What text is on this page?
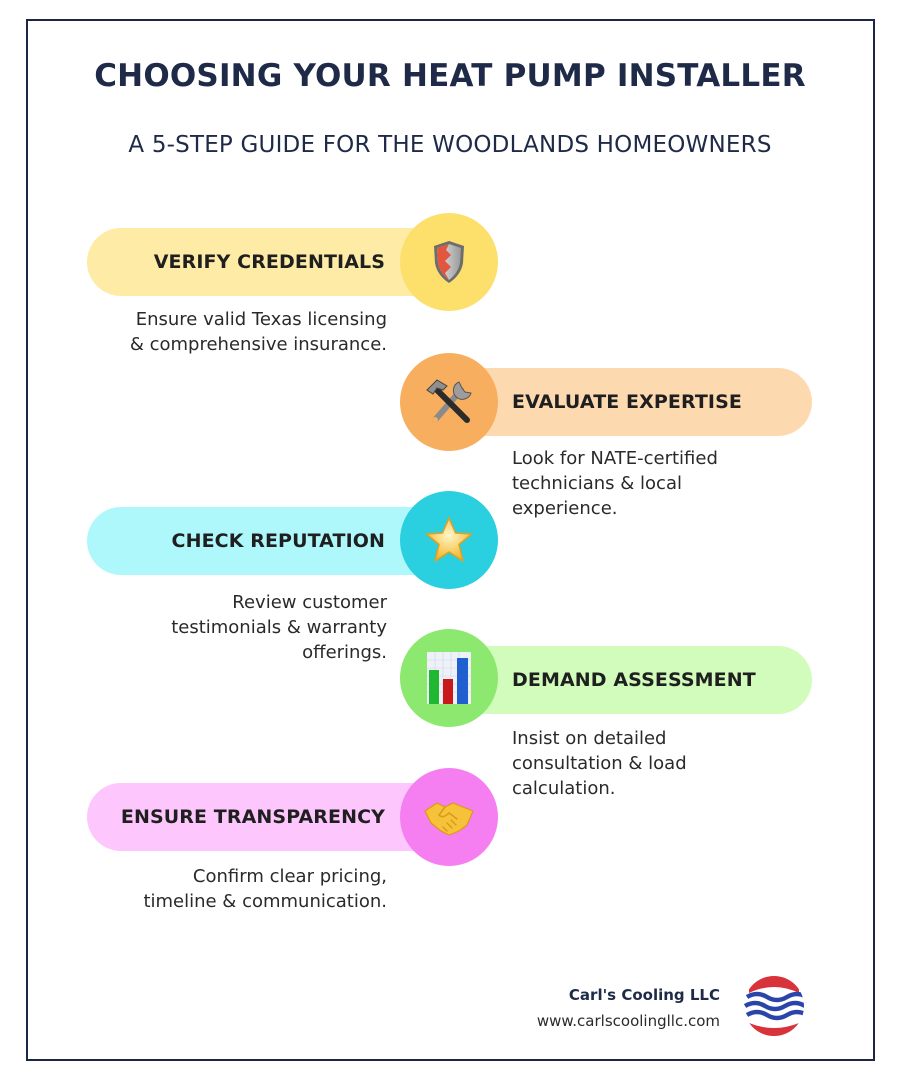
CHOOSING YOUR HEAT PUMP INSTALLER
A 5-STEP GUIDE FOR THE WOODLANDS HOMEOWNERS
VERIFY CREDENTIALS
Ensure valid Texas licensing
& comprehensive insurance.
EVALUATE EXPERTISE
Look for NATE-certified
technicians & local
experience.
CHECK REPUTATION
Review customer
testimonials & warranty
offerings.
DEMAND ASSESSMENT
Insist on detailed
consultation & load
calculation.
ENSURE TRANSPARENCY
Confirm clear pricing,
timeline & communication.
Carl's Cooling LLC
www.carlscoolingllc.com
